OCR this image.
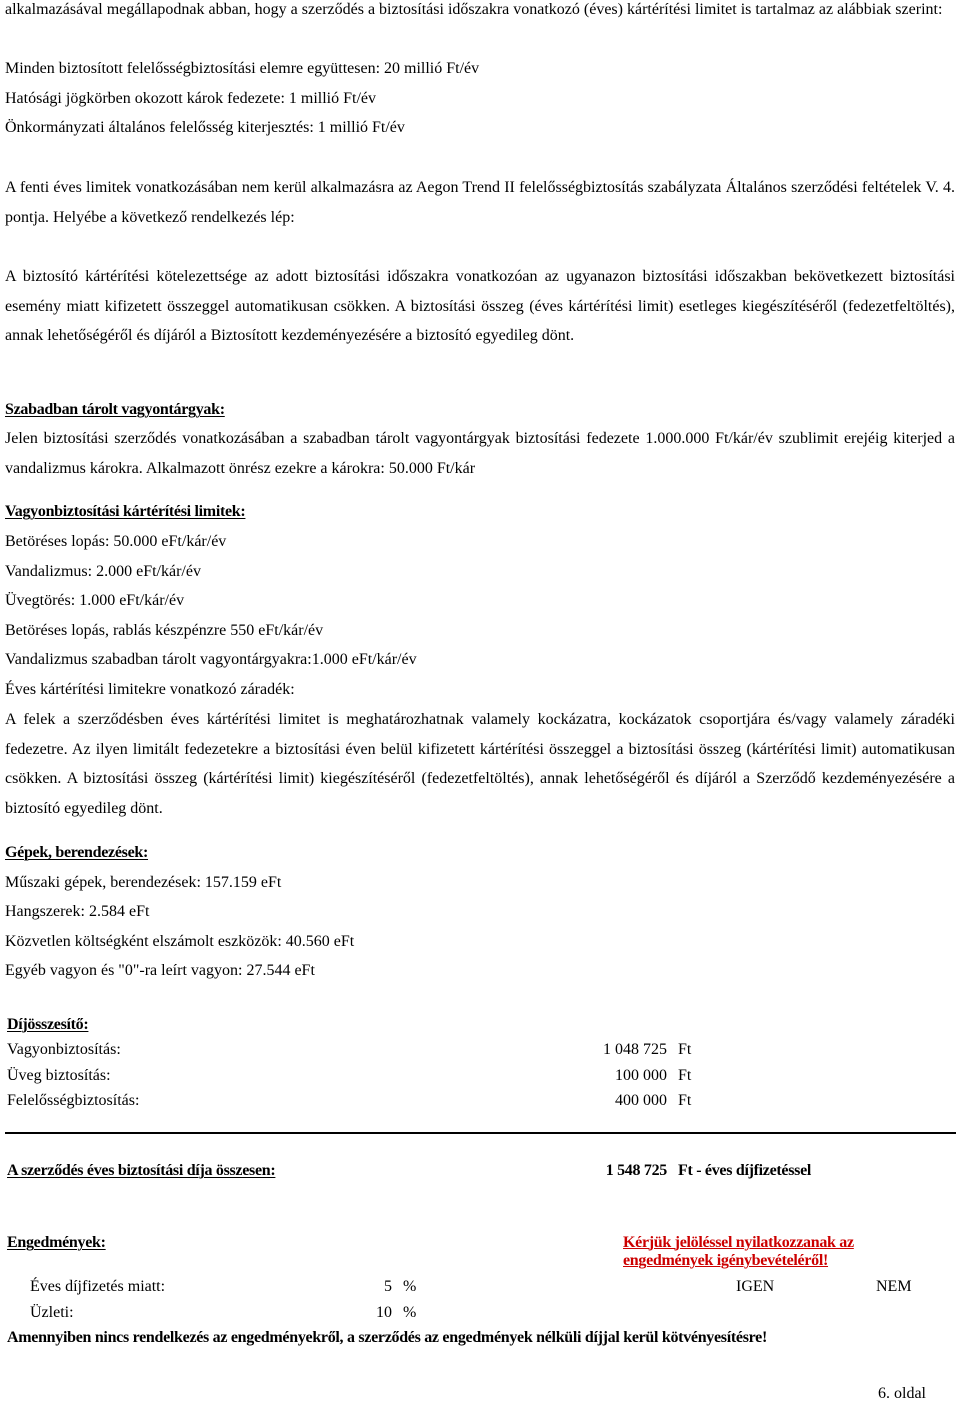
alkalmazásával megállapodnak abban, hogy a szerződés a biztosítási időszakra vonatkozó (éves) kártérítési limitet is tartalmaz az alábbiak szerint:
Minden biztosított felelősségbiztosítási elemre együttesen: 20 millió Ft/év
Hatósági jögkörben okozott károk fedezete: 1 millió Ft/év
Önkormányzati általános felelősség kiterjesztés: 1 millió Ft/év
A fenti éves limitek vonatkozásában nem kerül alkalmazásra az Aegon Trend II felelősségbiztosítás szabályzata Általános szerződési feltételek V. 4. pontja. Helyébe a következő rendelkezés lép:
A biztosító kártérítési kötelezettsége az adott biztosítási időszakra vonatkozóan az ugyanazon biztosítási időszakban bekövetkezett biztosítási esemény miatt kifizetett összeggel automatikusan csökken. A biztosítási összeg (éves kártérítési limit) esetleges kiegészítéséről (fedezetfeltöltés), annak lehetőségéről és díjáról a Biztosított kezdeményezésére a biztosító egyedileg dönt.
Szabadban tárolt vagyontárgyak:
Jelen biztosítási szerződés vonatkozásában a szabadban tárolt vagyontárgyak biztosítási fedezete 1.000.000 Ft/kár/év szublimit erejéig kiterjed a vandalizmus károkra. Alkalmazott önrész ezekre a károkra: 50.000 Ft/kár
Vagyonbiztosítási kártérítési limitek:
Betöréses lopás: 50.000 eFt/kár/év
Vandalizmus: 2.000 eFt/kár/év
Üvegtörés: 1.000 eFt/kár/év
Betöréses lopás, rablás készpénzre 550 eFt/kár/év
Vandalizmus szabadban tárolt vagyontárgyakra:1.000 eFt/kár/év
Éves kártérítési limitekre vonatkozó záradék:
A felek a szerződésben éves kártérítési limitet is meghatározhatnak valamely kockázatra, kockázatok csoportjára és/vagy valamely záradéki fedezetre. Az ilyen limitált fedezetekre a biztosítási éven belül kifizetett kártérítési összeggel a biztosítási összeg (kártérítési limit) automatikusan csökken. A biztosítási összeg (kártérítési limit) kiegészítéséről (fedezetfeltöltés), annak lehetőségéről és díjáról a Szerződő kezdeményezésére a biztosító egyedileg dönt.
Gépek, berendezések:
Műszaki gépek, berendezések: 157.159 eFt
Hangszerek: 2.584 eFt
Közvetlen költségként elszámolt eszközök: 40.560 eFt
Egyéb vagyon és "0"-ra leírt vagyon: 27.544 eFt
Díjösszesítő:
Vagyonbiztosítás:	1 048 725 Ft
Üveg biztosítás:	100 000 Ft
Felelősségbiztosítás:	400 000 Ft
A szerződés éves biztosítási díja összesen:	1 548 725 Ft - éves díjfizetéssel
Engedmények:	Kérjük jelöléssel nyilatkozzanak az
engedmények igénybevételéről!
Éves díjfizetés miatt:	5 %	IGEN	NEM
Üzleti:	10 %
Amennyiben nincs rendelkezés az engedményekről, a szerződés az engedmények nélküli díjjal kerül kötvényesítésre!
6. oldal
